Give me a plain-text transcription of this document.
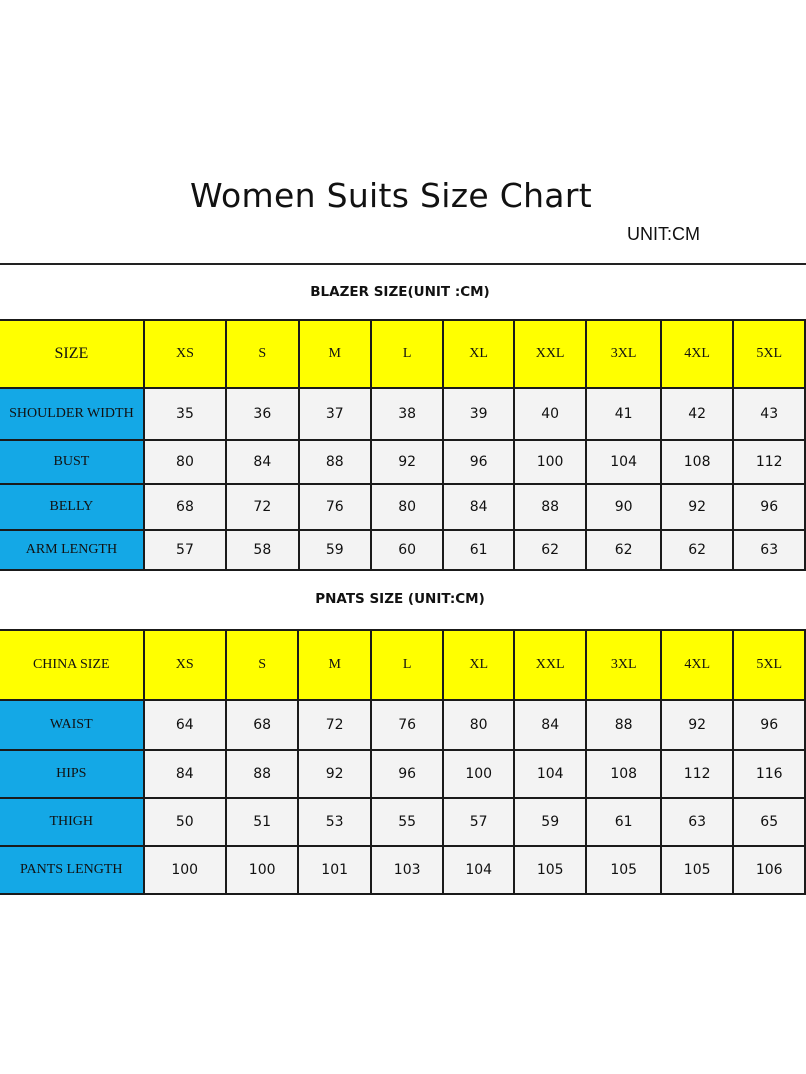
Women Suits Size Chart
UNIT:CM
BLAZER SIZE(UNIT :CM)
SIZE	XS	S	M	L	XL	XXL	3XL	4XL	5XL
SHOULDER WIDTH	35	36	37	38	39	40	41	42	43
BUST	80	84	88	92	96	100	104	108	112
BELLY	68	72	76	80	84	88	90	92	96
ARM LENGTH	57	58	59	60	61	62	62	62	63
PNATS SIZE (UNIT:CM)
CHINA SIZE	XS	S	M	L	XL	XXL	3XL	4XL	5XL
WAIST	64	68	72	76	80	84	88	92	96
HIPS	84	88	92	96	100	104	108	112	116
THIGH	50	51	53	55	57	59	61	63	65
PANTS LENGTH	100	100	101	103	104	105	105	105	106
